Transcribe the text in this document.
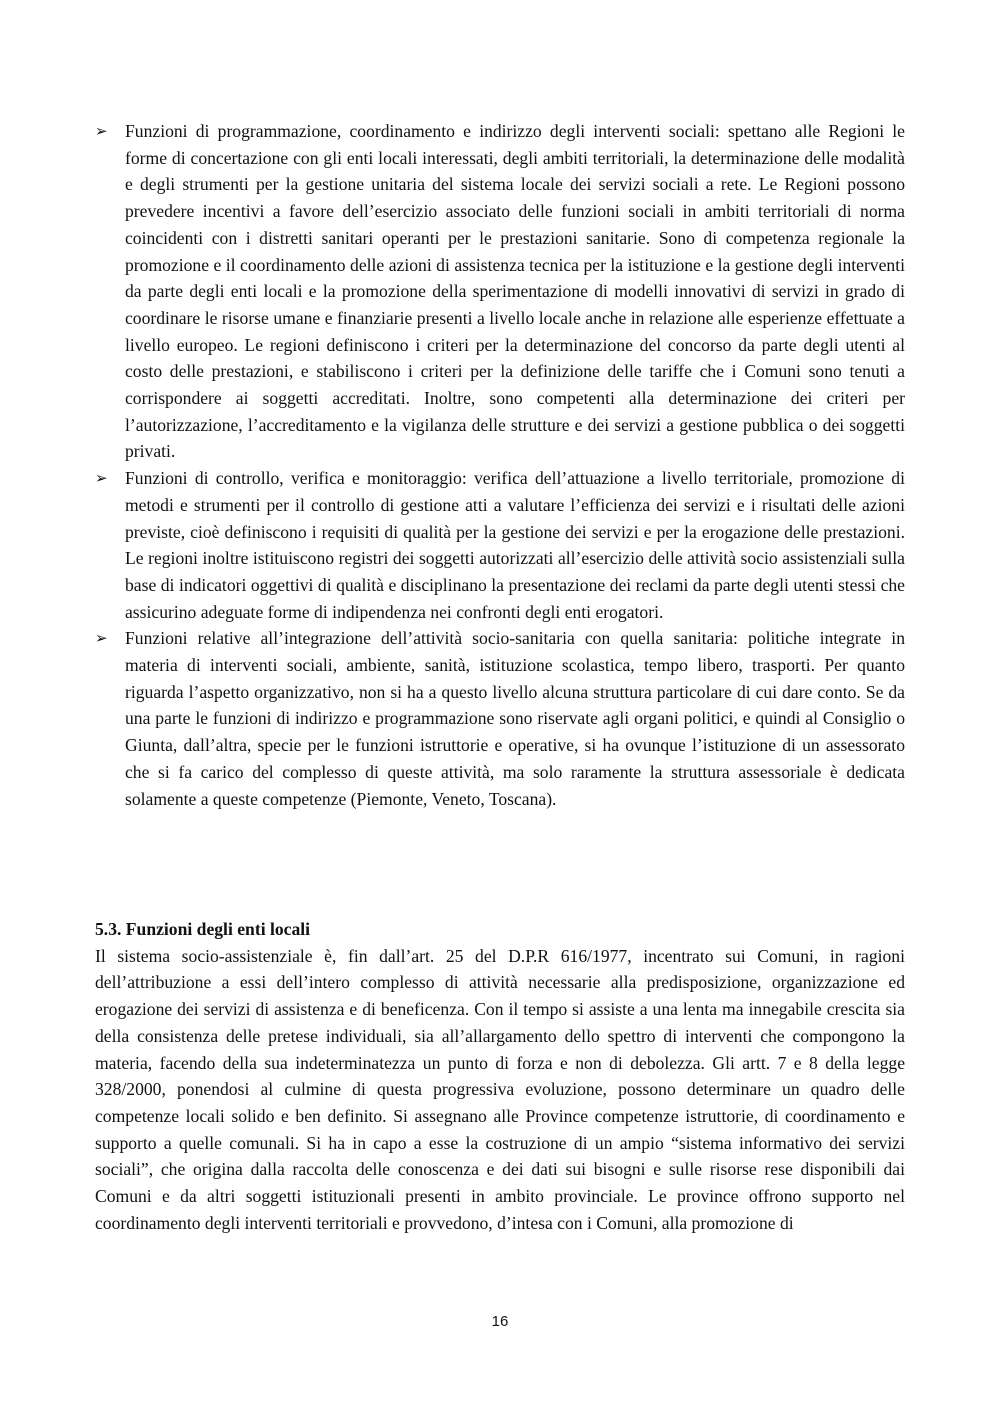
➢ Funzioni di programmazione, coordinamento e indirizzo degli interventi sociali: spettano alle Regioni le forme di concertazione con gli enti locali interessati, degli ambiti territoriali, la determinazione delle modalità e degli strumenti per la gestione unitaria del sistema locale dei servizi sociali a rete. Le Regioni possono prevedere incentivi a favore dell’esercizio associato delle funzioni sociali in ambiti territoriali di norma coincidenti con i distretti sanitari operanti per le prestazioni sanitarie. Sono di competenza regionale la promozione e il coordinamento delle azioni di assistenza tecnica per la istituzione e la gestione degli interventi da parte degli enti locali e la promozione della sperimentazione di modelli innovativi di servizi in grado di coordinare le risorse umane e finanziarie presenti a livello locale anche in relazione alle esperienze effettuate a livello europeo. Le regioni definiscono i criteri per la determinazione del concorso da parte degli utenti al costo delle prestazioni, e stabiliscono i criteri per la definizione delle tariffe che i Comuni sono tenuti a corrispondere ai soggetti accreditati. Inoltre, sono competenti alla determinazione dei criteri per l’autorizzazione, l’accreditamento e la vigilanza delle strutture e dei servizi a gestione pubblica o dei soggetti privati.
➢ Funzioni di controllo, verifica e monitoraggio: verifica dell’attuazione a livello territoriale, promozione di metodi e strumenti per il controllo di gestione atti a valutare l’efficienza dei servizi e i risultati delle azioni previste, cioè definiscono i requisiti di qualità per la gestione dei servizi e per la erogazione delle prestazioni. Le regioni inoltre istituiscono registri dei soggetti autorizzati all’esercizio delle attività socio assistenziali sulla base di indicatori oggettivi di qualità e disciplinano la presentazione dei reclami da parte degli utenti stessi che assicurino adeguate forme di indipendenza nei confronti degli enti erogatori.
➢ Funzioni relative all’integrazione dell’attività socio-sanitaria con quella sanitaria: politiche integrate in materia di interventi sociali, ambiente, sanità, istituzione scolastica, tempo libero, trasporti. Per quanto riguarda l’aspetto organizzativo, non si ha a questo livello alcuna struttura particolare di cui dare conto. Se da una parte le funzioni di indirizzo e programmazione sono riservate agli organi politici, e quindi al Consiglio o Giunta, dall’altra, specie per le funzioni istruttorie e operative, si ha ovunque l’istituzione di un assessorato che si fa carico del complesso di queste attività, ma solo raramente la struttura assessoriale è dedicata solamente a queste competenze (Piemonte, Veneto, Toscana).
5.3. Funzioni degli enti locali

Il sistema socio-assistenziale è, fin dall’art. 25 del D.P.R 616/1977, incentrato sui Comuni, in ragioni dell’attribuzione a essi dell’intero complesso di attività necessarie alla predisposizione, organizzazione ed erogazione dei servizi di assistenza e di beneficenza. Con il tempo si assiste a una lenta ma innegabile crescita sia della consistenza delle pretese individuali, sia all’allargamento dello spettro di interventi che compongono la materia, facendo della sua indeterminatezza un punto di forza e non di debolezza. Gli artt. 7 e 8 della legge 328/2000, ponendosi al culmine di questa progressiva evoluzione, possono determinare un quadro delle competenze locali solido e ben definito. Si assegnano alle Province competenze istruttorie, di coordinamento e supporto a quelle comunali. Si ha in capo a esse la costruzione di un ampio “sistema informativo dei servizi sociali”, che origina dalla raccolta delle conoscenza e dei dati sui bisogni e sulle risorse rese disponibili dai Comuni e da altri soggetti istituzionali presenti in ambito provinciale. Le province offrono supporto nel coordinamento degli interventi territoriali e provvedono, d’intesa con i Comuni, alla promozione di

16
